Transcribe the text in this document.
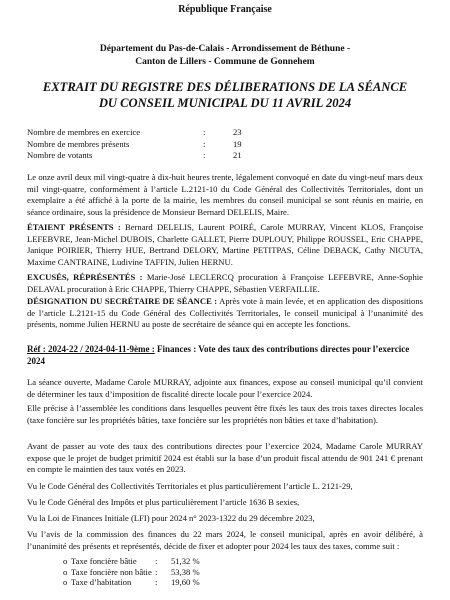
République Française
Département du Pas-de-Calais - Arrondissement de Béthune -
Canton de Lillers - Commune de Gonnehem
EXTRAIT DU REGISTRE DES DÉLIBERATIONS DE LA SÉANCE
DU CONSEIL MUNICIPAL DU 11 AVRIL 2024
Nombre de membres en exercice	:	23
Nombre de membres présents	:	19
Nombre de votants	:	21
Le onze avril deux mil vingt-quatre à dix-huit heures trente, légalement convoqué en date du vingt-neuf mars deux mil vingt-quatre, conformément à l’article L.2121-10 du Code Général des Collectivités Territoriales, dont un exemplaire a été affiché à la porte de la mairie, les membres du conseil municipal se sont réunis en mairie, en séance ordinaire, sous la présidence de Monsieur Bernard DELELIS, Maire.
ÉTAIENT PRÉSENTS : Bernard DELELIS, Laurent POIRÉ, Carole MURRAY, Vincent KLOS, Françoise LEFEBVRE, Jean-Michel DUBOIS, Charlette GALLET, Pierre DUPLOUY, Philippe ROUSSEL, Eric CHAPPE, Janique POIRIER, Thierry HUE, Bertrand DELORY, Martine PETITPAS, Céline DEBACK, Cathy NICUTA, Maxime CANTRAINE, Ludivine TAFFIN, Julien HERNU.
EXCUSÉS, RÉPRÉSENTÉS : Marie-José LECLERCQ procuration à Françoise LEFEBVRE, Anne-Sophie DELAVAL procuration à Eric CHAPPE, Thierry CHAPPE, Sébastien VERFAILLIE.
DÉSIGNATION DU SECRÉTAIRE DE SÉANCE : Après vote à main levée, et en application des dispositions de l’article L.2121-15 du Code Général des Collectivités Territoriales, le conseil municipal à l’unanimité des présents, nomme Julien HERNU au poste de secrétaire de séance qui en accepte les fonctions.
Réf : 2024-22 / 2024-04-11-9ème : Finances : Vote des taux des contributions directes pour l’exercice 2024
La séance ouverte, Madame Carole MURRAY, adjointe aux finances, expose au conseil municipal qu’il convient de déterminer les taux d’imposition de fiscalité directe locale pour l’exercice 2024.
Elle précise à l’assemblée les conditions dans lesquelles peuvent être fixés les taux des trois taxes directes locales (taxe foncière sur les propriétés bâties, taxe foncière sur les propriétés non bâties et taxe d’habitation).
Avant de passer au vote des taux des contributions directes pour l’exercice 2024, Madame Carole MURRAY expose que le projet de budget primitif 2024 est établi sur la base d’un produit fiscal attendu de 901 241 € prenant en compte le maintien des taux votés en 2023.
Vu le Code Général des Collectivités Territoriales et plus particulièrement l’article L. 2121-29,
Vu le Code Général des Impôts et plus particulièrement l’article 1636 B sexies,
Vu la Loi de Finances Initiale (LFI) pour 2024 n° 2023-1322 du 29 décembre 2023,
Vu l’avis de la commission des finances du 22 mars 2024, le conseil municipal, après en avoir délibéré, à l’unanimité des présents et représentés, décide de fixer et adopter pour 2024 les taux des taxes, comme suit :
o Taxe foncière bâtie	:	51,32 %
o Taxe foncière non bâtie :	53,38 %
o Taxe d’habitation	:	19,60 %
